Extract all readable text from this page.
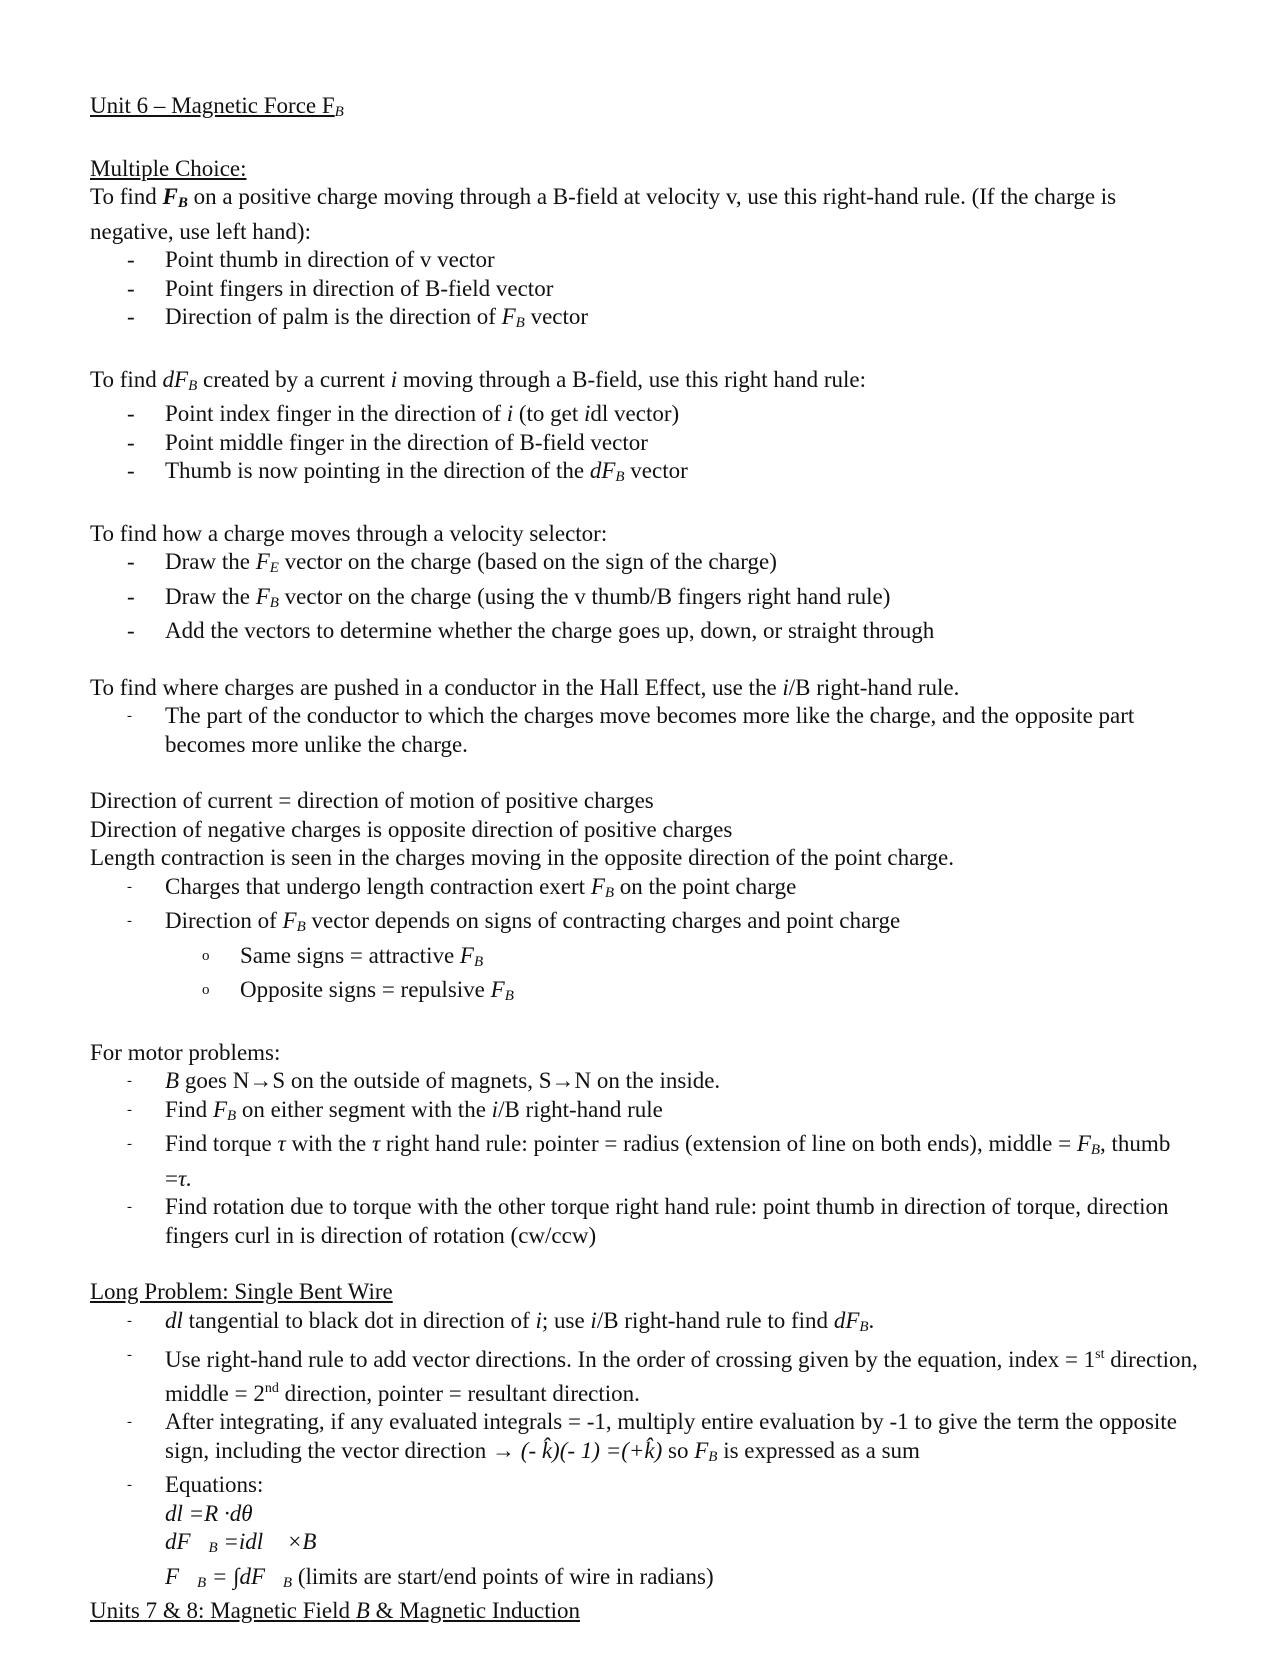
Unit 6 – Magnetic Force $F_B$

Multiple Choice:

To find $F_B$ on a positive charge moving through a B-field at velocity v, use this right-hand rule. (If the charge is negative, use left hand):

- Point thumb in direction of v vector

- Point fingers in direction of B-field vector

- Direction of palm is the direction of $F_B$ vector

To find $dF_B$ created by a current i moving through a B-field, use this right hand rule:

- Point index finger in the direction of i (to get idl vector)

- Point middle finger in the direction of B-field vector

- Thumb is now pointing in the direction of the $dF_B$ vector

To find how a charge moves through a velocity selector:

- Draw the $F_E$ vector on the charge (based on the sign of the charge)

- Draw the $F_B$ vector on the charge (using the v thumb/B fingers right hand rule)

- Add the vectors to determine whether the charge goes up, down, or straight through

To find where charges are pushed in a conductor in the Hall Effect, use the i/B right-hand rule.

- The part of the conductor to which the charges move becomes more like the charge, and the opposite part becomes more unlike the charge.

Direction of current = direction of motion of positive charges

Direction of negative charges is opposite direction of positive charges

Length contraction is seen in the charges moving in the opposite direction of the point charge.

- Charges that undergo length contraction exert $F_B$ on the point charge

- Direction of $F_B$ vector depends on signs of contracting charges and point charge

o Same signs = attractive $F_B$

o Opposite signs = repulsive $F_B$

For motor problems:

- B goes N→S on the outside of magnets, S→N on the inside.

- Find $F_B$ on either segment with the i/B right-hand rule

- Find torque τ with the τ right hand rule: pointer = radius (extension of line on both ends), middle = $F_B$, thumb =τ.

- Find rotation due to torque with the other torque right hand rule: point thumb in direction of torque, direction fingers curl in is direction of rotation (cw/ccw)

Long Problem: Single Bent Wire

- dl tangential to black dot in direction of i; use i/B right-hand rule to find $dF_B$.

- Use right-hand rule to add vector directions. In the order of crossing given by the equation, index = 1st direction, middle = 2nd direction, pointer = resultant direction.

- After integrating, if any evaluated integrals = -1, multiply entire evaluation by -1 to give the term the opposite sign, including the vector direction → (- k̂)(- 1) =(+k̂) so $F_B$ is expressed as a sum

- Equations:

dl =R ·dθ

dF⃗B =idl⃗ ×B⃗

F⃗B = ∫dF⃗B (limits are start/end points of wire in radians)

Units 7 & 8: Magnetic Field B & Magnetic Induction
